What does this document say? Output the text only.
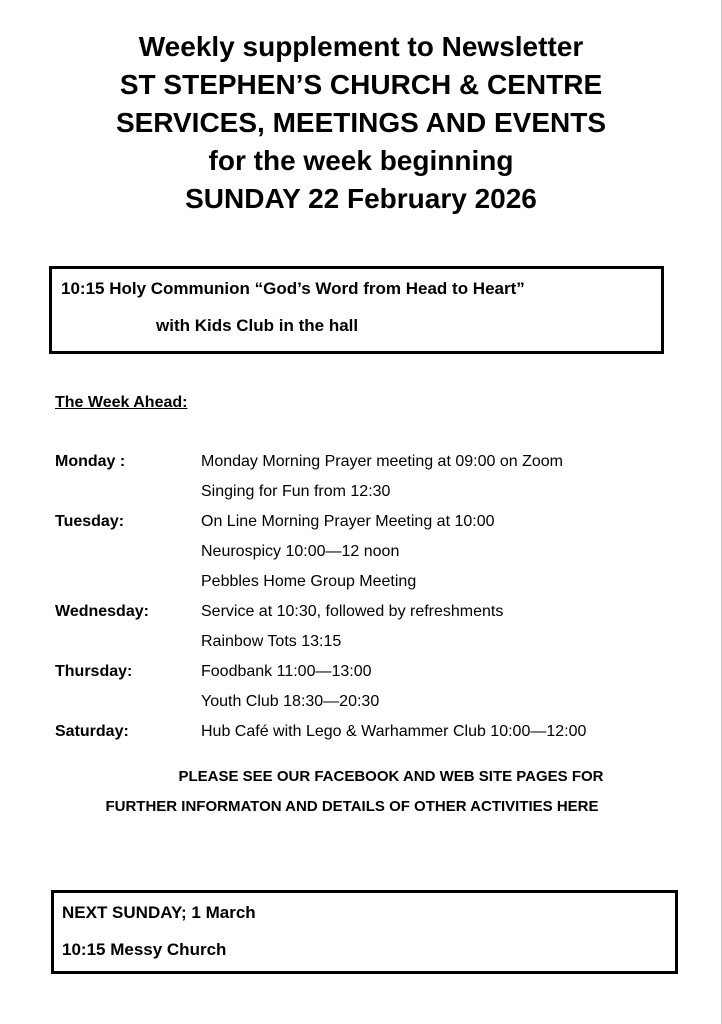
Weekly supplement to Newsletter
ST STEPHEN’S CHURCH & CENTRE
SERVICES, MEETINGS AND EVENTS
for the week beginning
SUNDAY 22 February 2026
10:15 Holy Communion “God’s Word from Head to Heart”
with Kids Club in the hall
The Week Ahead:
Monday :	Monday Morning Prayer meeting at 09:00 on Zoom
Singing for Fun from 12:30
Tuesday:	On Line Morning Prayer Meeting at 10:00
Neurospicy 10:00—12 noon
Pebbles Home Group Meeting
Wednesday:	Service at 10:30, followed by refreshments
Rainbow Tots 13:15
Thursday:	Foodbank 11:00—13:00
Youth Club 18:30—20:30
Saturday:	Hub Café with Lego & Warhammer Club 10:00—12:00
PLEASE SEE OUR FACEBOOK AND WEB SITE PAGES FOR
FURTHER INFORMATON AND DETAILS OF OTHER ACTIVITIES HERE
NEXT SUNDAY; 1 March
10:15 Messy Church
